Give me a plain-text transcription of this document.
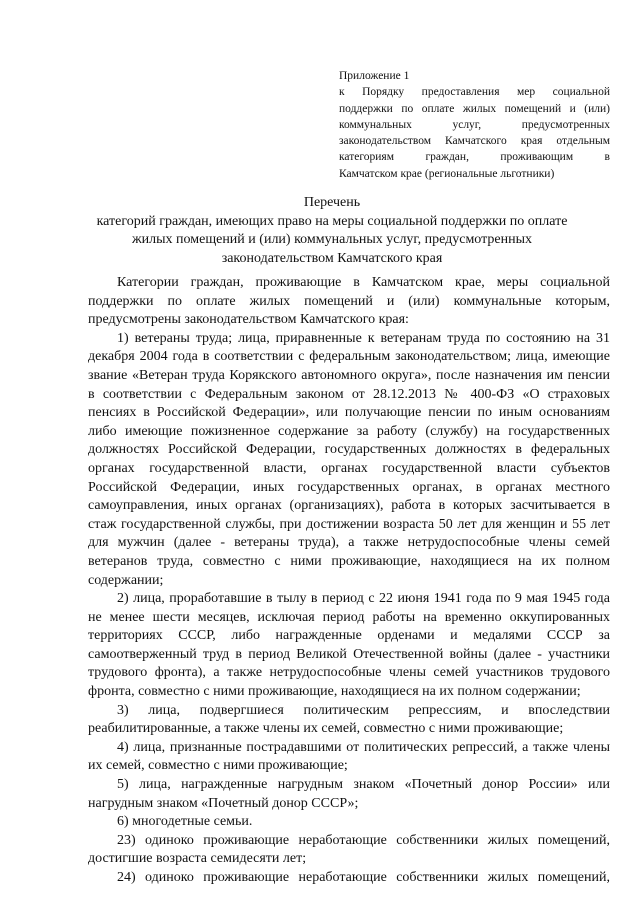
Приложение 1
к Порядку предоставления мер социальной
поддержки по оплате жилых помещений и (или)
коммунальных услуг, предусмотренных
законодательством Камчатского края отдельным
категориям граждан, проживающим в
Камчатском крае (региональные льготники)
Перечень
категорий граждан, имеющих право на меры социальной поддержки по оплате
жилых помещений и (или) коммунальных услуг, предусмотренных
законодательством Камчатского края
Категории граждан, проживающие в Камчатском крае, меры социальной
поддержки по оплате жилых помещений и (или) коммунальные которым,
предусмотрены законодательством Камчатского края:
1) ветераны труда; лица, приравненные к ветеранам труда по состоянию на 31
декабря 2004 года в соответствии с федеральным законодательством; лица, имеющие
звание «Ветеран труда Корякского автономного округа», после назначения им пенсии
в соответствии с Федеральным законом от 28.12.2013 № 400-ФЗ «О страховых
пенсиях в Российской Федерации», или получающие пенсии по иным основаниям
либо имеющие пожизненное содержание за работу (службу) на государственных
должностях Российской Федерации, государственных должностях в федеральных
органах государственной власти, органах государственной власти субъектов
Российской Федерации, иных государственных органах, в органах местного
самоуправления, иных органах (организациях), работа в которых засчитывается в
стаж государственной службы, при достижении возраста 50 лет для женщин и 55 лет
для мужчин (далее - ветераны труда), а также нетрудоспособные члены семей
ветеранов труда, совместно с ними проживающие, находящиеся на их полном
содержании;
2) лица, проработавшие в тылу в период с 22 июня 1941 года по 9 мая 1945 года
не менее шести месяцев, исключая период работы на временно оккупированных
территориях СССР, либо награжденные орденами и медалями СССР за
самоотверженный труд в период Великой Отечественной войны (далее - участники
трудового фронта), а также нетрудоспособные члены семей участников трудового
фронта, совместно с ними проживающие, находящиеся на их полном содержании;
3) лица, подвергшиеся политическим репрессиям, и впоследствии
реабилитированные, а также члены их семей, совместно с ними проживающие;
4) лица, признанные пострадавшими от политических репрессий, а также члены
их семей, совместно с ними проживающие;
5) лица, награжденные нагрудным знаком «Почетный донор России» или
нагрудным знаком «Почетный донор СССР»;
6) многодетные семьи.
23) одиноко проживающие неработающие собственники жилых помещений,
достигшие возраста семидесяти лет;
24) одиноко проживающие неработающие собственники жилых помещений,
